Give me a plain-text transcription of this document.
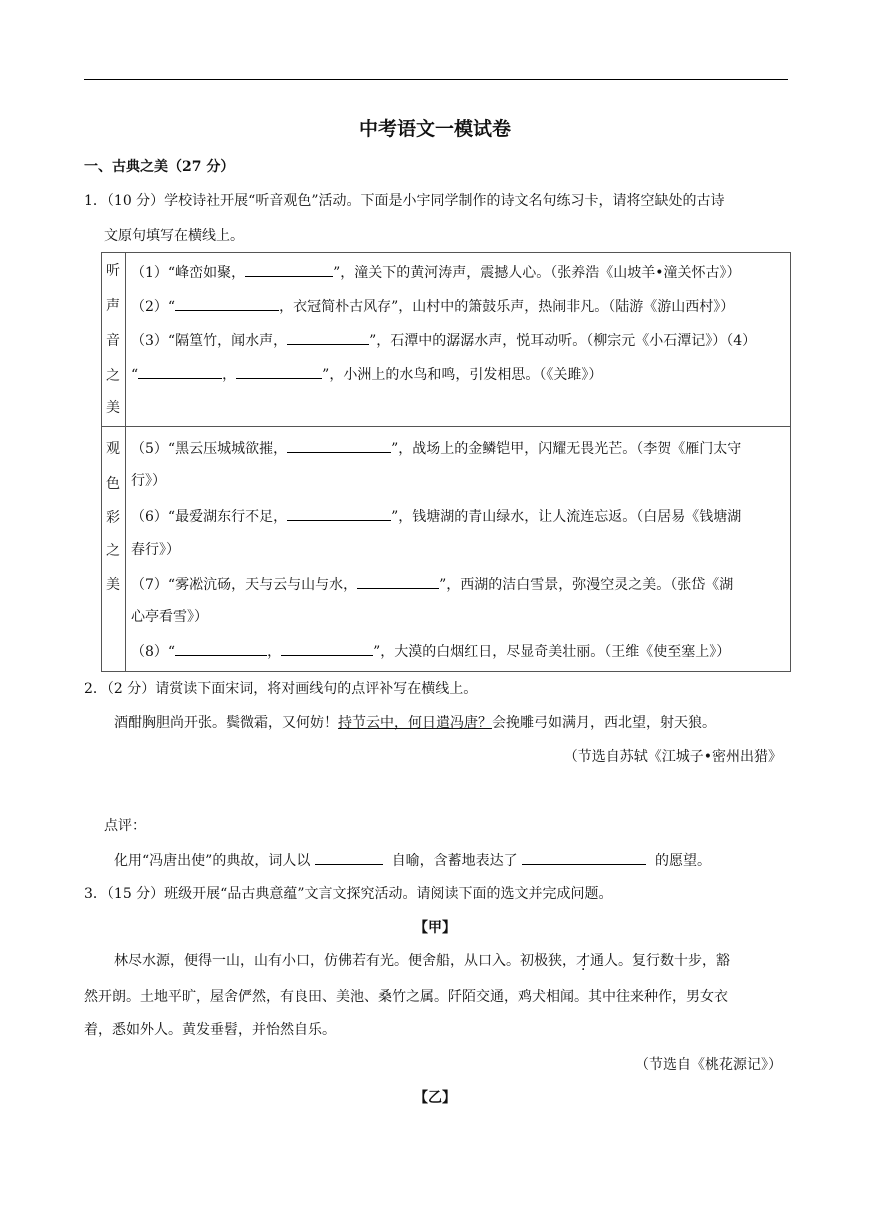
中考语文一模试卷
一、古典之美（27 分）
1．（10 分）学校诗社开展“听音观色”活动。下面是小宇同学制作的诗文名句练习卡，请将空缺处的古诗
文原句填写在横线上。
听
声
音
之
美
（1）“峰峦如聚，	”，潼关下的黄河涛声，震撼人心。（张养浩《山坡羊•潼关怀古》）
（2）“	，衣冠简朴古风存”，山村中的箫鼓乐声，热闹非凡。（陆游《游山西村》）
（3）“隔篁竹，闻水声，	”，石潭中的潺潺水声，悦耳动听。（柳宗元《小石潭记》）（4）
“	，	”，小洲上的水鸟和鸣，引发相思。（《关雎》）
观
色
彩
之
美
（5）“黑云压城城欲摧，	”，战场上的金鳞铠甲，闪耀无畏光芒。（李贺《雁门太守
行》）
（6）“最爱湖东行不足，	”，钱塘湖的青山绿水，让人流连忘返。（白居易《钱塘湖
春行》）
（7）“雾凇沆砀，天与云与山与水，	”，西湖的洁白雪景，弥漫空灵之美。（张岱《湖
心亭看雪》）
（8）“	，	”，大漠的白烟红日，尽显奇美壮丽。（王维《使至塞上》）
2．（2 分）请赏读下面宋词，将对画线句的点评补写在横线上。
酒酣胸胆尚开张。鬓微霜，又何妨！持节云中，何日遣冯唐？会挽雕弓如满月，西北望，射天狼。
（节选自苏轼《江城子•密州出猎》
点评：
化用“冯唐出使”的典故，词人以	自喻，含蓄地表达了	的愿望。
3．（15 分）班级开展“品古典意蕴”文言文探究活动。请阅读下面的选文并完成问题。
【甲】
林尽水源，便得一山，山有小口，仿佛若有光。便舍船，从口入。初极狭，才通人。复行数十步，豁
然开朗。土地平旷，屋舍俨然，有良田、美池、桑竹之属。阡陌交通，鸡犬相闻。其中往来种作，男女衣
着，悉如外人。黄发垂髫，并怡然自乐。
（节选自《桃花源记》）
【乙】
